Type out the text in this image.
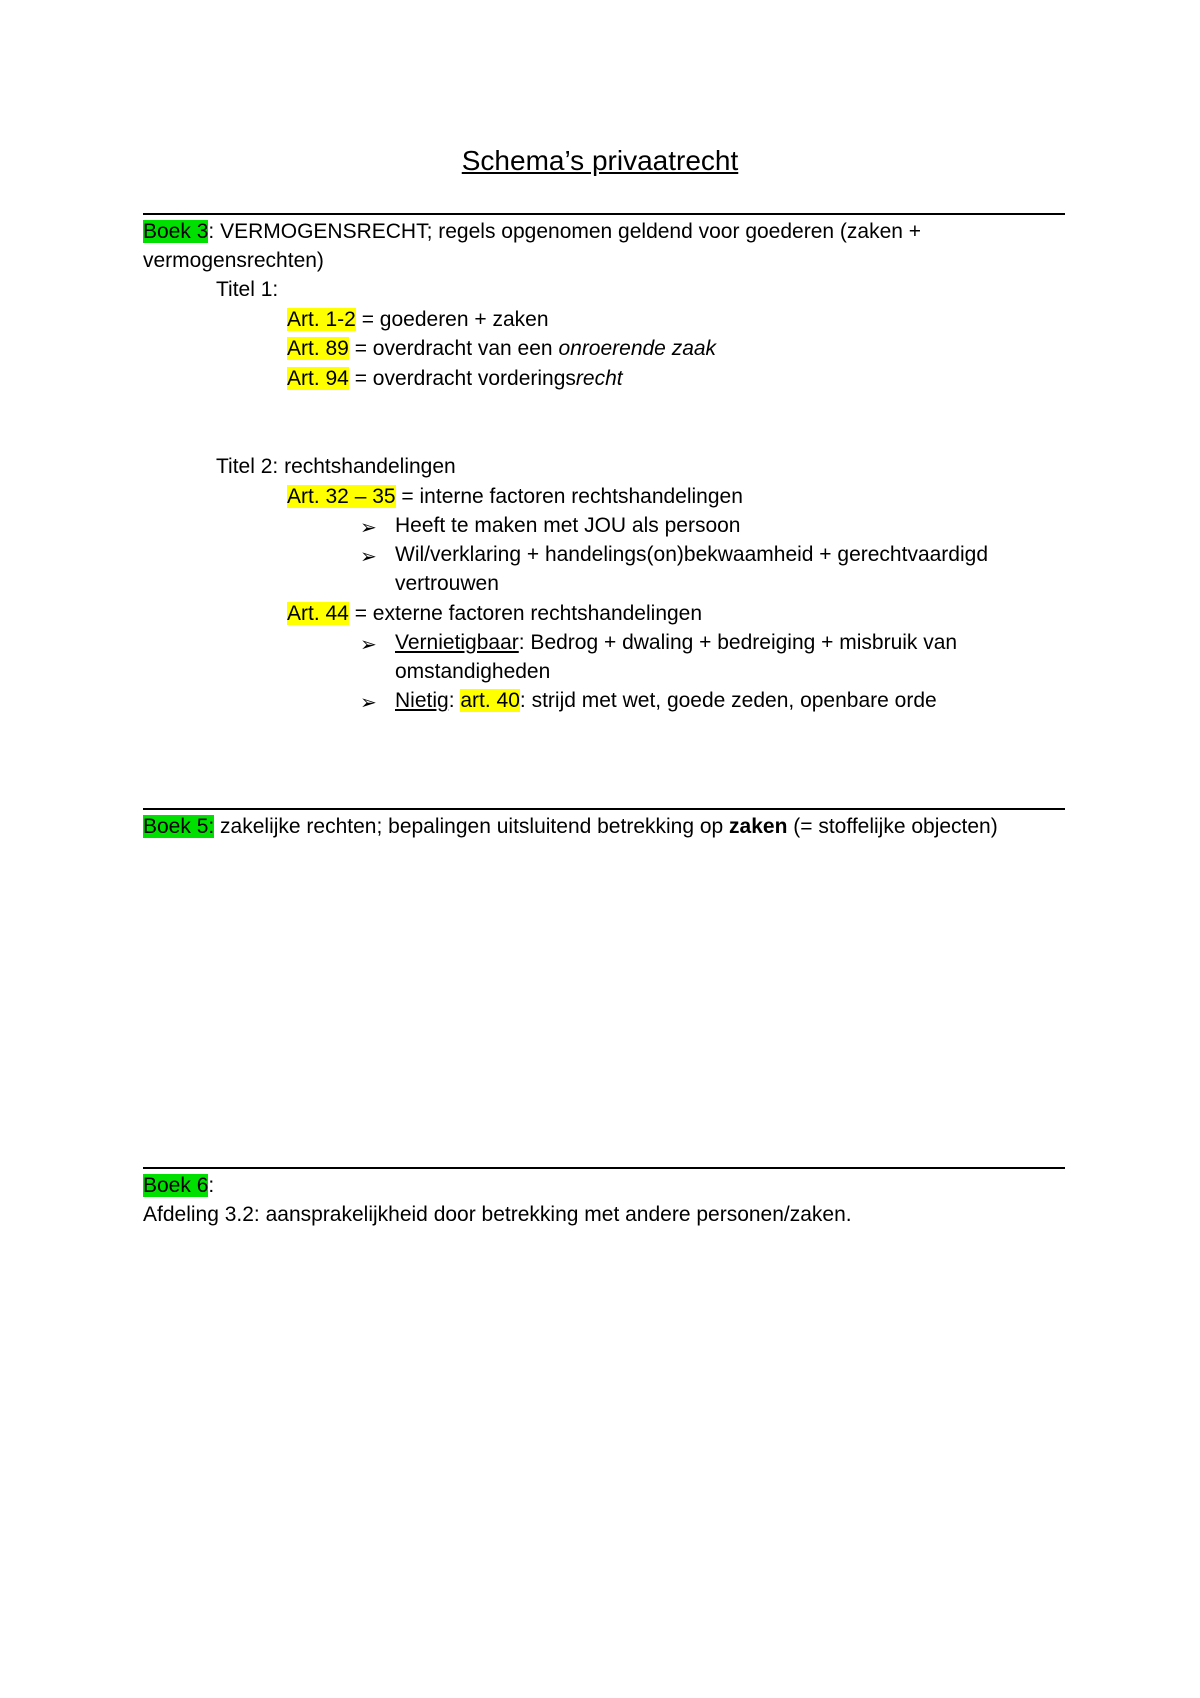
Schema’s privaatrecht
Boek 3: VERMOGENSRECHT; regels opgenomen geldend voor goederen (zaken +
vermogensrechten)
Titel 1:
Art. 1-2 = goederen + zaken
Art. 89 = overdracht van een onroerende zaak
Art. 94 = overdracht vorderingsrecht
Titel 2: rechtshandelingen
Art. 32 – 35 = interne factoren rechtshandelingen
➢ Heeft te maken met JOU als persoon
➢ Wil/verklaring + handelings(on)bekwaamheid + gerechtvaardigd
vertrouwen
Art. 44 = externe factoren rechtshandelingen
➢ Vernietigbaar: Bedrog + dwaling + bedreiging + misbruik van
omstandigheden
➢ Nietig: art. 40: strijd met wet, goede zeden, openbare orde
Boek 5: zakelijke rechten; bepalingen uitsluitend betrekking op zaken (= stoffelijke objecten)
Boek 6:
Afdeling 3.2: aansprakelijkheid door betrekking met andere personen/zaken.
